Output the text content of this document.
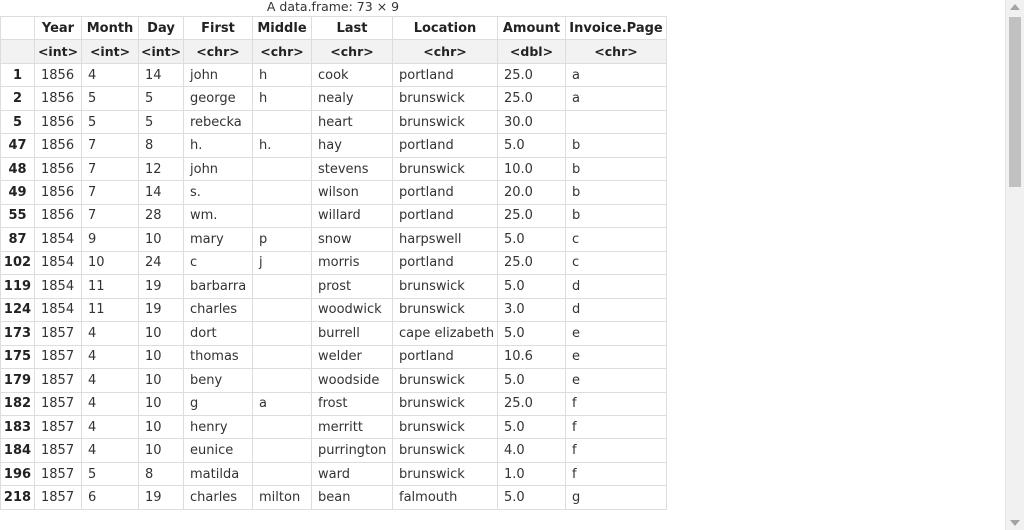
A data.frame: 73 × 9
	Year	Month	Day	First	Middle	Last	Location	Amount	Invoice.Page
	<int>	<int>	<int>	<chr>	<chr>	<chr>	<chr>	<dbl>	<chr>
1	1856	4	14	john	h	cook	portland	25.0	a
2	1856	5	5	george	h	nealy	brunswick	25.0	a
5	1856	5	5	rebecka		heart	brunswick	30.0	
47	1856	7	8	h.	h.	hay	portland	5.0	b
48	1856	7	12	john		stevens	brunswick	10.0	b
49	1856	7	14	s.		wilson	portland	20.0	b
55	1856	7	28	wm.		willard	portland	25.0	b
87	1854	9	10	mary	p	snow	harpswell	5.0	c
102	1854	10	24	c	j	morris	portland	25.0	c
119	1854	11	19	barbarra		prost	brunswick	5.0	d
124	1854	11	19	charles		woodwick	brunswick	3.0	d
173	1857	4	10	dort		burrell	cape elizabeth	5.0	e
175	1857	4	10	thomas		welder	portland	10.6	e
179	1857	4	10	beny		woodside	brunswick	5.0	e
182	1857	4	10	g	a	frost	brunswick	25.0	f
183	1857	4	10	henry		merritt	brunswick	5.0	f
184	1857	4	10	eunice		purrington	brunswick	4.0	f
196	1857	5	8	matilda		ward	brunswick	1.0	f
218	1857	6	19	charles	milton	bean	falmouth	5.0	g
